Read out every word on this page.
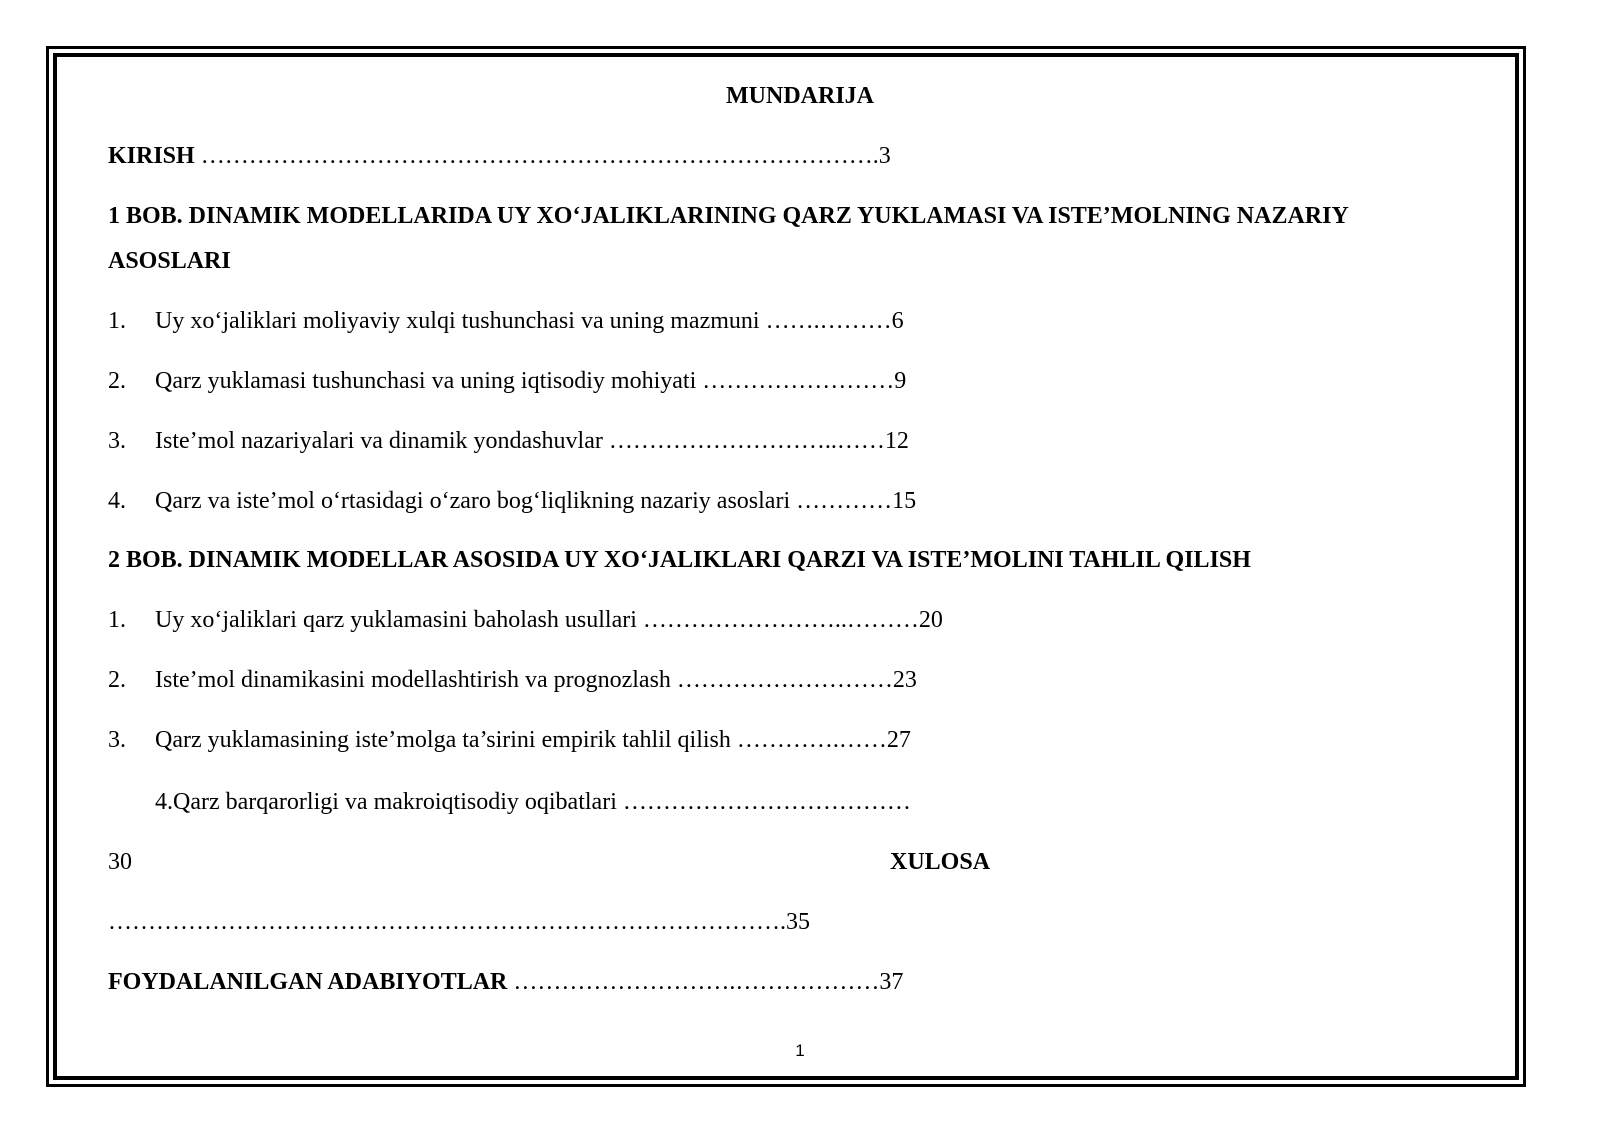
MUNDARIJA
KIRISH ………………………………………………………………………….3
1 BOB. DINAMIK MODELLARIDA UY XO‘JALIKLARINING QARZ YUKLAMASI VA ISTE’MOLNING NAZARIY
ASOSLARI
1. Uy xo‘jaliklari moliyaviy xulqi tushunchasi va uning mazmuni …….………6
2. Qarz yuklamasi tushunchasi va uning iqtisodiy mohiyati ……………………9
3. Iste’mol nazariyalari va dinamik yondashuvlar ………………………..……12
4. Qarz va iste’mol o‘rtasidagi o‘zaro bog‘liqlikning nazariy asoslari …………15
2 BOB. DINAMIK MODELLAR ASOSIDA UY XO‘JALIKLARI QARZI VA ISTE’MOLINI TAHLIL QILISH
1. Uy xo‘jaliklari qarz yuklamasini baholash usullari ……………………..………20
2. Iste’mol dinamikasini modellashtirish va prognozlash ………………………23
3. Qarz yuklamasining iste’molga ta’sirini empirik tahlil qilish ………….……27
4.Qarz barqarorligi va makroiqtisodiy oqibatlari ………………………………
30	XULOSA
………………………………………………………………………….35
FOYDALANILGAN ADABIYOTLAR ……………………….………………37
1
